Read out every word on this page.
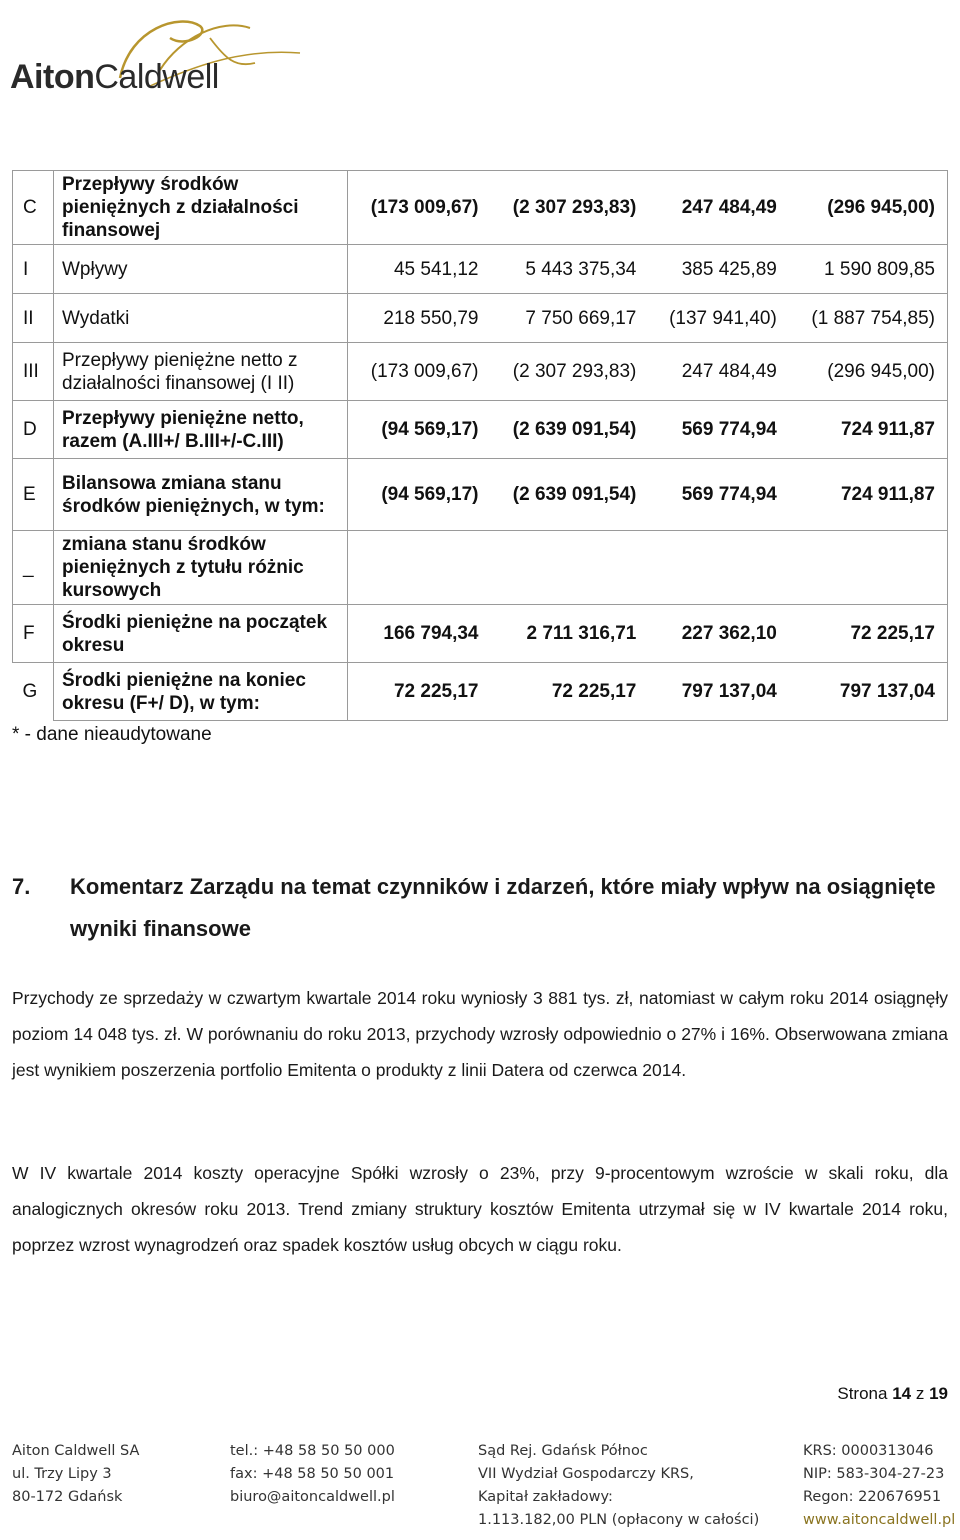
AitonCaldwell
C	Przepływy środków pieniężnych z działalności finansowej	(173 009,67)	(2 307 293,83)	247 484,49	(296 945,00)
I	Wpływy	45 541,12	5 443 375,34	385 425,89	1 590 809,85
II	Wydatki	218 550,79	7 750 669,17	(137 941,40)	(1 887 754,85)
III	Przepływy pieniężne netto z działalności finansowej (I II)	(173 009,67)	(2 307 293,83)	247 484,49	(296 945,00)
D	Przepływy pieniężne netto, razem (A.III+/ B.III+/-C.III)	(94 569,17)	(2 639 091,54)	569 774,94	724 911,87
E	Bilansowa zmiana stanu środków pieniężnych, w tym:	(94 569,17)	(2 639 091,54)	569 774,94	724 911,87
_	zmiana stanu środków pieniężnych z tytułu różnic kursowych				
F	Środki pieniężne na początek okresu	166 794,34	2 711 316,71	227 362,10	72 225,17
G	Środki pieniężne na koniec okresu (F+/ D), w tym:	72 225,17	72 225,17	797 137,04	797 137,04
* - dane nieaudytowane
7. Komentarz Zarządu na temat czynników i zdarzeń, które miały wpływ na osiągnięte wyniki finansowe
Przychody ze sprzedaży w czwartym kwartale 2014 roku wyniosły 3 881 tys. zł, natomiast w całym roku 2014 osiągnęły poziom 14 048 tys. zł. W porównaniu do roku 2013, przychody wzrosły odpowiednio o 27% i 16%. Obserwowana zmiana jest wynikiem poszerzenia portfolio Emitenta o produkty z linii Datera od czerwca 2014.
W IV kwartale 2014 koszty operacyjne Spółki wzrosły o 23%, przy 9-procentowym wzroście w skali roku, dla analogicznych okresów roku 2013. Trend zmiany struktury kosztów Emitenta utrzymał się w IV kwartale 2014 roku, poprzez wzrost wynagrodzeń oraz spadek kosztów usług obcych w ciągu roku.
Strona 14 z 19
Aiton Caldwell SA
ul. Trzy Lipy 3
80-172 Gdańsk
tel.: +48 58 50 50 000
fax: +48 58 50 50 001
biuro@aitoncaldwell.pl
Sąd Rej. Gdańsk Północ
VII Wydział Gospodarczy KRS,
Kapitał zakładowy:
1.113.182,00 PLN (opłacony w całości)
KRS: 0000313046
NIP: 583-304-27-23
Regon: 220676951
www.aitoncaldwell.pl
